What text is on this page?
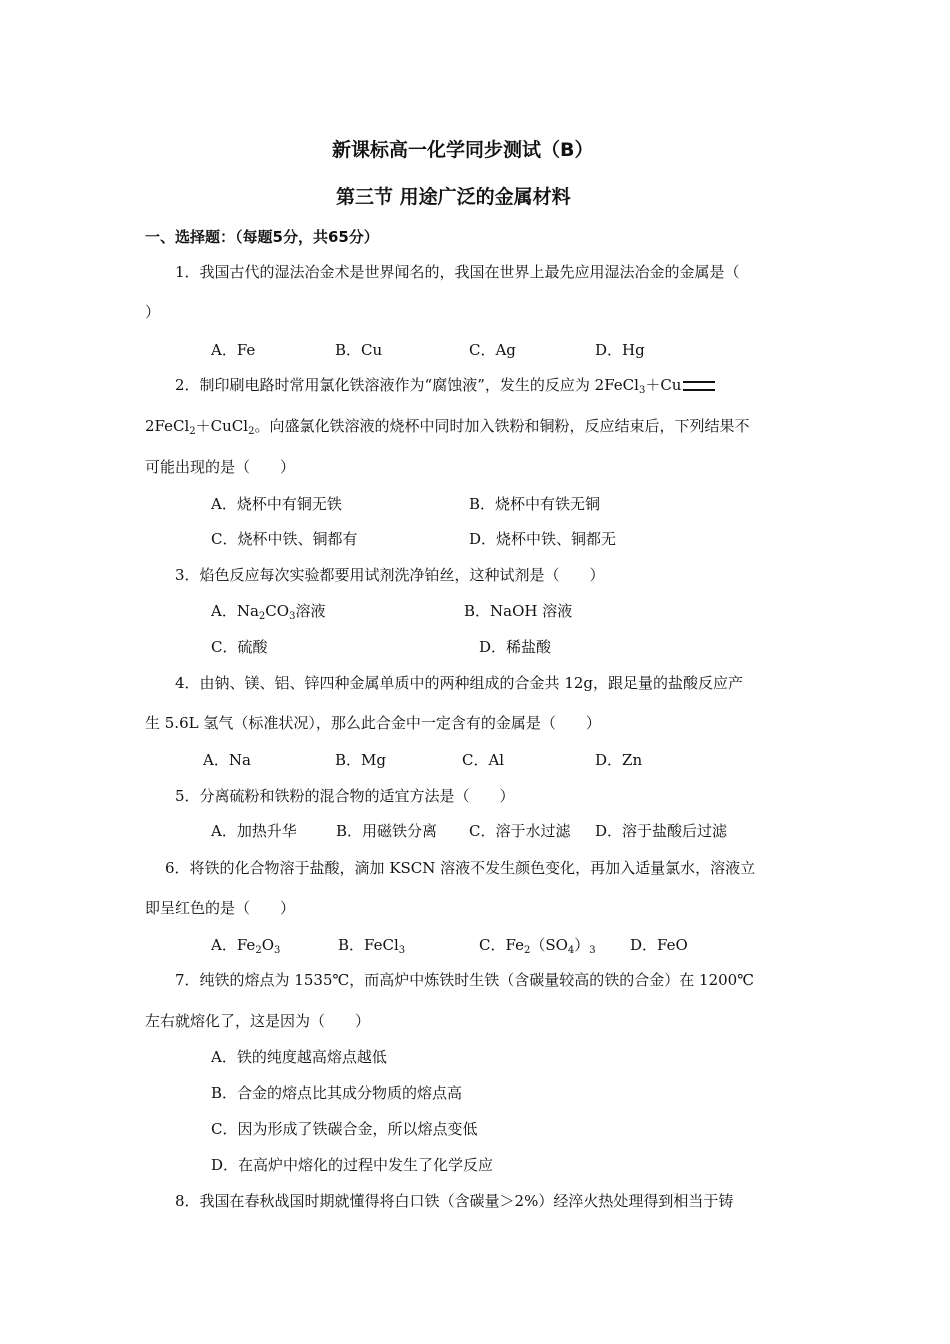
新课标高一化学同步测试（B）
第三节 用途广泛的金属材料
一、选择题：（每题5分，共65分）
1．我国古代的湿法冶金术是世界闻名的，我国在世界上最先应用湿法冶金的金属是（
）
A．Fe	B．Cu	C．Ag	D．Hg
2．制印刷电路时常用氯化铁溶液作为“腐蚀液”，发生的反应为 2FeCl$_3$＋Cu
2FeCl$_2$＋CuCl$_2$。向盛氯化铁溶液的烧杯中同时加入铁粉和铜粉，反应结束后，下列结果不
可能出现的是（　　）
A．烧杯中有铜无铁	B．烧杯中有铁无铜
C．烧杯中铁、铜都有	D．烧杯中铁、铜都无
3．焰色反应每次实验都要用试剂洗净铂丝，这种试剂是（　　）
A．$Na_2CO_3$溶液	B．NaOH 溶液
C．硫酸	D．稀盐酸
4．由钠、镁、铝、锌四种金属单质中的两种组成的合金共 12g，跟足量的盐酸反应产
生 5.6L 氢气（标准状况），那么此合金中一定含有的金属是（　　）
A．Na	B．Mg	C．Al	D．Zn
5．分离硫粉和铁粉的混合物的适宜方法是（　　）
A．加热升华	B．用磁铁分离 C．溶于水过滤 D．溶于盐酸后过滤
6．将铁的化合物溶于盐酸，滴加 KSCN 溶液不发生颜色变化，再加入适量氯水，溶液立
即呈红色的是（　　）
A．$Fe_2O_3$	B．FeCl$_3$	C．$Fe_2(SO_4)_3$ D．FeO
7．纯铁的熔点为 1535℃，而高炉中炼铁时生铁（含碳量较高的铁的合金）在 1200℃
左右就熔化了，这是因为（　　）
A．铁的纯度越高熔点越低
B．合金的熔点比其成分物质的熔点高
C．因为形成了铁碳合金，所以熔点变低
D．在高炉中熔化的过程中发生了化学反应
8．我国在春秋战国时期就懂得将白口铁（含碳量＞2%）经淬火热处理得到相当于铸
